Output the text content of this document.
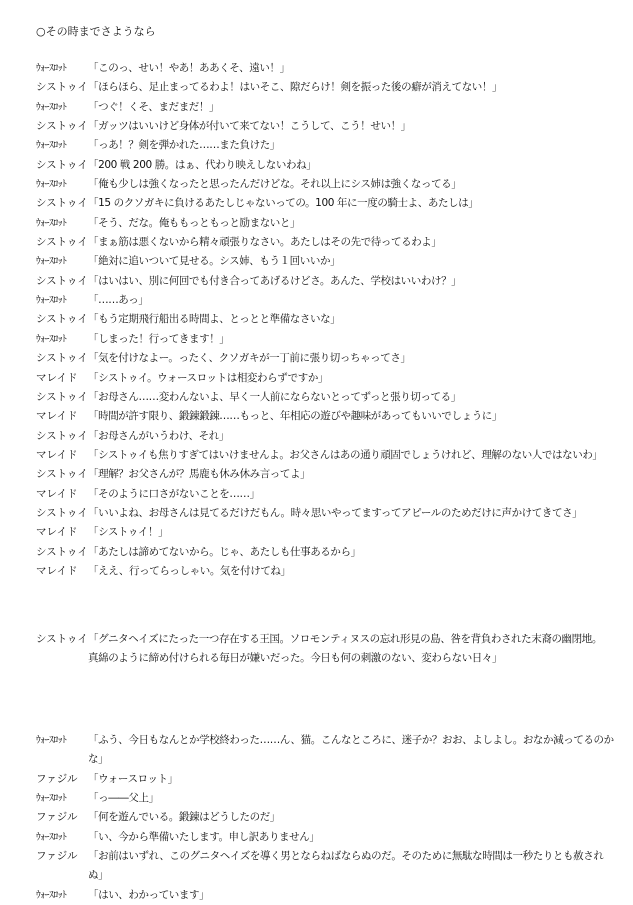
○その時までさようなら
ｳｫｰｽﾛｯﾄ	「このっ、せい！やあ！ああくそ、遠い！」
シストゥイ 「ほらほら、足止まってるわよ！はいそこ、隙だらけ！剣を振った後の癖が消えてない！」
ｳｫｰｽﾛｯﾄ	「つぐ！くそ、まだまだ！」
シストゥイ 「ガッツはいいけど身体が付いて来てない！こうして、こう！せい！」
ｳｫｰｽﾛｯﾄ	「っあ！？剣を弾かれた……また負けた」
シストゥイ 「200 戦 200 勝。はぁ、代わり映えしないわね」
ｳｫｰｽﾛｯﾄ	「俺も少しは強くなったと思ったんだけどな。それ以上にシス姉は強くなってる」
シストゥイ 「15 のクソガキに負けるあたしじゃないっての。100 年に一度の騎士よ、あたしは」
ｳｫｰｽﾛｯﾄ	「そう、だな。俺ももっともっと励まないと」
シストゥイ 「まぁ筋は悪くないから精々頑張りなさい。あたしはその先で待ってるわよ」
ｳｫｰｽﾛｯﾄ	「絶対に追いついて見せる。シス姉、もう１回いいか」
シストゥイ 「はいはい、別に何回でも付き合ってあげるけどさ。あんた、学校はいいわけ？」
ｳｫｰｽﾛｯﾄ	「……あっ」
シストゥイ 「もう定期飛行船出る時間よ、とっとと準備なさいな」
ｳｫｰｽﾛｯﾄ	「しまった！行ってきます！」
シストゥイ 「気を付けなよー。ったく、クソガキが一丁前に張り切っちゃってさ」
マレイド　 「シストゥイ。ウォースロットは相変わらずですか」
シストゥイ 「お母さん……変わんないよ、早く一人前にならないとってずっと張り切ってる」
マレイド　 「時間が許す限り、鍛錬鍛錬……もっと、年相応の遊びや趣味があってもいいでしょうに」
シストゥイ 「お母さんがいうわけ、それ」
マレイド　 「シストゥイも焦りすぎてはいけませんよ。お父さんはあの通り頑固でしょうけれど、理解のない人ではないわ」
シストゥイ 「理解？お父さんが？馬鹿も休み休み言ってよ」
マレイド　 「そのように口さがないことを……」
シストゥイ 「いいよね、お母さんは見てるだけだもん。時々思いやってますってアピールのためだけに声かけてきてさ」
マレイド　 「シストゥイ！」
シストゥイ 「あたしは諦めてないから。じゃ、あたしも仕事あるから」
マレイド　 「ええ、行ってらっしゃい。気を付けてね」
シストゥイ 「グニタヘイズにたった一つ存在する王国。ソロモンティヌスの忘れ形見の島、咎を背負わされた末裔の幽閉地。
真綿のように締め付けられる毎日が嫌いだった。今日も何の刺激のない、変わらない日々」
ｳｫｰｽﾛｯﾄ	「ふう、今日もなんとか学校終わった……ん、猫。こんなところに、迷子か？おお、よしよし。おなか減ってるのかな」
ファジル　 「ウォースロット」
ｳｫｰｽﾛｯﾄ	「っ――父上」
ファジル　 「何を遊んでいる。鍛錬はどうしたのだ」
ｳｫｰｽﾛｯﾄ	「い、今から準備いたします。申し訳ありません」
ファジル　 「お前はいずれ、このグニタヘイズを導く男とならねばならぬのだ。そのために無駄な時間は一秒たりとも赦されぬ」
ｳｫｰｽﾛｯﾄ	「はい、わかっています」
